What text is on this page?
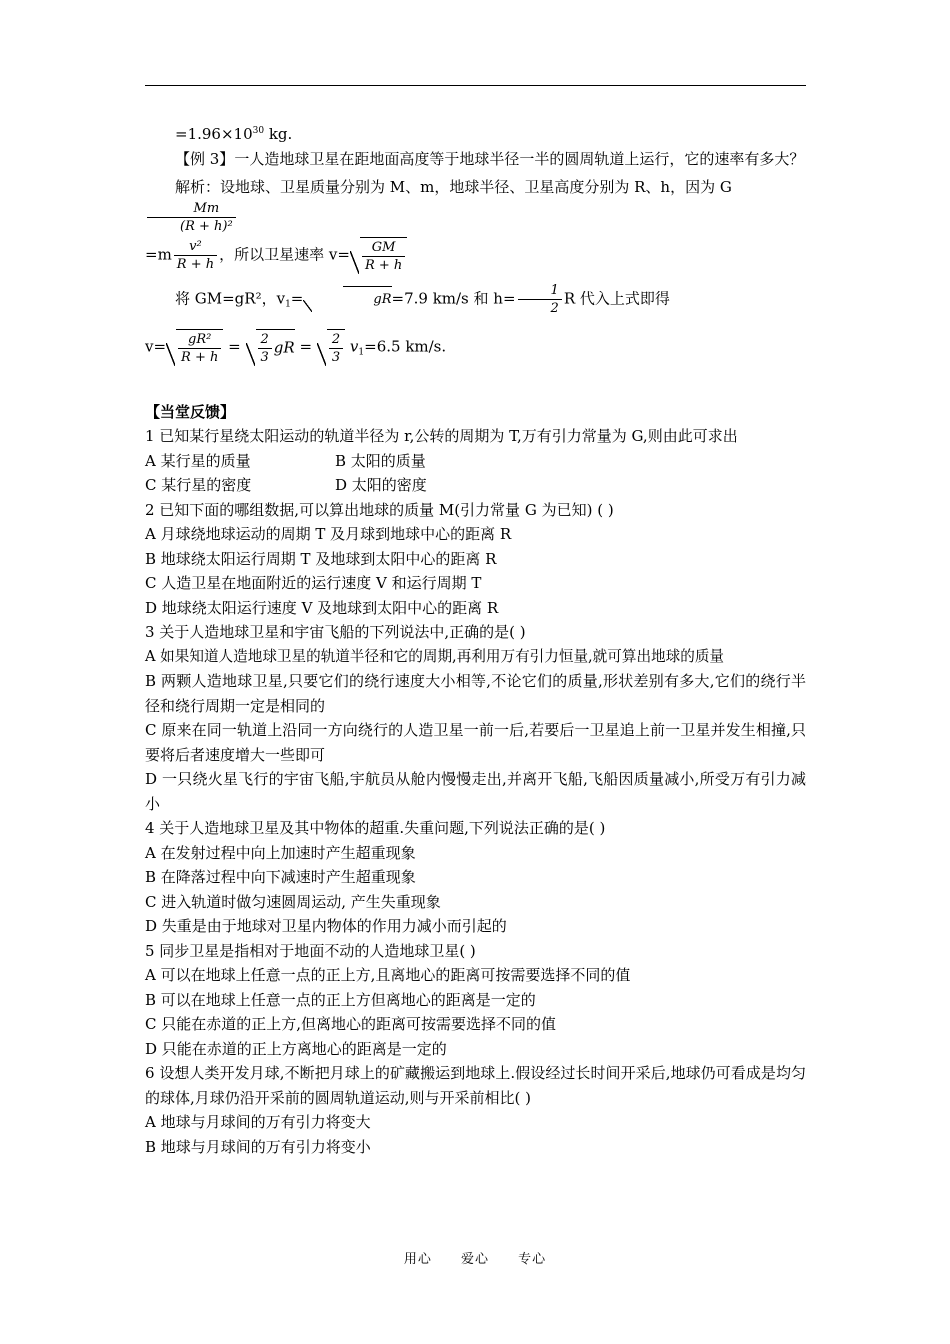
$=1.96\times 10^{30}$ kg.

【例 3】一人造地球卫星在距地面高度等于地球半径一半的圆周轨道上运行，它的速率有多大？

解析：设地球、卫星质量分别为 M、m，地球半径、卫星高度分别为 R、h，因为 G
$\frac{Mm}{\text{(R + h)²}}$

$=m \frac{\text{v²}}{R + h}$ ，所以卫星速率 $v= \frac{GM}{R + h}$

将 GM=gR²，$v_1=$	gR=7.9 km/s 和 $h= \frac{1}{2}$ R 代入上式即得

$v= \frac{\text{gR²}}{R + h} = \frac{2}{3}$ gR = $\frac{2}{3} v_1=6.5$ km/s.

【当堂反馈】

1 已知某行星绕太阳运动的轨道半径为 r,公转的周期为 T,万有引力常量为 G,则由此可求出

A 某行星的质量	B 太阳的质量

C 某行星的密度	D 太阳的密度

2 已知下面的哪组数据,可以算出地球的质量 M(引力常量 G 为已知) ( )

A 月球绕地球运动的周期 T 及月球到地球中心的距离 R

B 地球绕太阳运行周期 T 及地球到太阳中心的距离 R

C 人造卫星在地面附近的运行速度 V 和运行周期 T

D 地球绕太阳运行速度 V 及地球到太阳中心的距离 R

3 关于人造地球卫星和宇宙飞船的下列说法中,正确的是( )

A 如果知道人造地球卫星的轨道半径和它的周期,再利用万有引力恒量,就可算出地球的质量

B 两颗人造地球卫星,只要它们的绕行速度大小相等,不论它们的质量,形状差别有多大,它们的绕行半径和绕行周期一定是相同的

C 原来在同一轨道上沿同一方向绕行的人造卫星一前一后,若要后一卫星追上前一卫星并发生相撞,只要将后者速度增大一些即可

D 一只绕火星飞行的宇宙飞船,宇航员从舱内慢慢走出,并离开飞船,飞船因质量减小,所受万有引力减小

4 关于人造地球卫星及其中物体的超重.失重问题,下列说法正确的是( )

A 在发射过程中向上加速时产生超重现象

B 在降落过程中向下减速时产生超重现象

C 进入轨道时做匀速圆周运动, 产生失重现象

D 失重是由于地球对卫星内物体的作用力减小而引起的

5 同步卫星是指相对于地面不动的人造地球卫星( )

A 可以在地球上任意一点的正上方,且离地心的距离可按需要选择不同的值

B 可以在地球上任意一点的正上方但离地心的距离是一定的

C 只能在赤道的正上方,但离地心的距离可按需要选择不同的值

D 只能在赤道的正上方离地心的距离是一定的

6 设想人类开发月球,不断把月球上的矿藏搬运到地球上.假设经过长时间开采后,地球仍可看成是均匀的球体,月球仍沿开采前的圆周轨道运动,则与开采前相比( )

A 地球与月球间的万有引力将变大

B 地球与月球间的万有引力将变小

用心 爱心 专心
